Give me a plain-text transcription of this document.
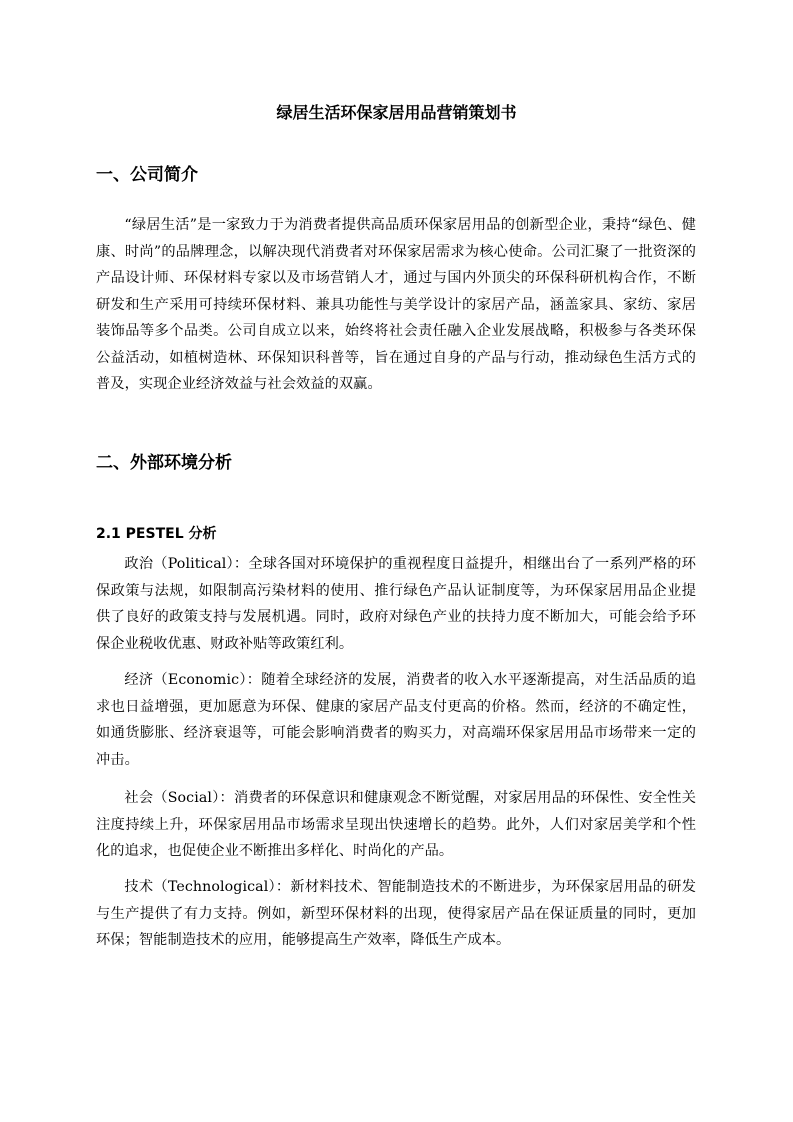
绿居生活环保家居用品营销策划书
一、公司简介

“绿居生活”是一家致力于为消费者提供高品质环保家居用品的创新型企业，秉持“绿色、健康、时尚”的品牌理念，以解决现代消费者对环保家居需求为核心使命。公司汇聚了一批资深的产品设计师、环保材料专家以及市场营销人才，通过与国内外顶尖的环保科研机构合作，不断研发和生产采用可持续环保材料、兼具功能性与美学设计的家居产品，涵盖家具、家纺、家居装饰品等多个品类。公司自成立以来，始终将社会责任融入企业发展战略，积极参与各类环保公益活动，如植树造林、环保知识科普等，旨在通过自身的产品与行动，推动绿色生活方式的普及，实现企业经济效益与社会效益的双赢。

二、外部环境分析
2.1 PESTEL 分析

政治（Political）：全球各国对环境保护的重视程度日益提升，相继出台了一系列严格的环保政策与法规，如限制高污染材料的使用、推行绿色产品认证制度等，为环保家居用品企业提供了良好的政策支持与发展机遇。同时，政府对绿色产业的扶持力度不断加大，可能会给予环保企业税收优惠、财政补贴等政策红利。

经济（Economic）：随着全球经济的发展，消费者的收入水平逐渐提高，对生活品质的追求也日益增强，更加愿意为环保、健康的家居产品支付更高的价格。然而，经济的不确定性，如通货膨胀、经济衰退等，可能会影响消费者的购买力，对高端环保家居用品市场带来一定的冲击。

社会（Social）：消费者的环保意识和健康观念不断觉醒，对家居用品的环保性、安全性关注度持续上升，环保家居用品市场需求呈现出快速增长的趋势。此外，人们对家居美学和个性化的追求，也促使企业不断推出多样化、时尚化的产品。

技术（Technological）：新材料技术、智能制造技术的不断进步，为环保家居用品的研发与生产提供了有力支持。例如，新型环保材料的出现，使得家居产品在保证质量的同时，更加环保；智能制造技术的应用，能够提高生产效率，降低生产成本。
